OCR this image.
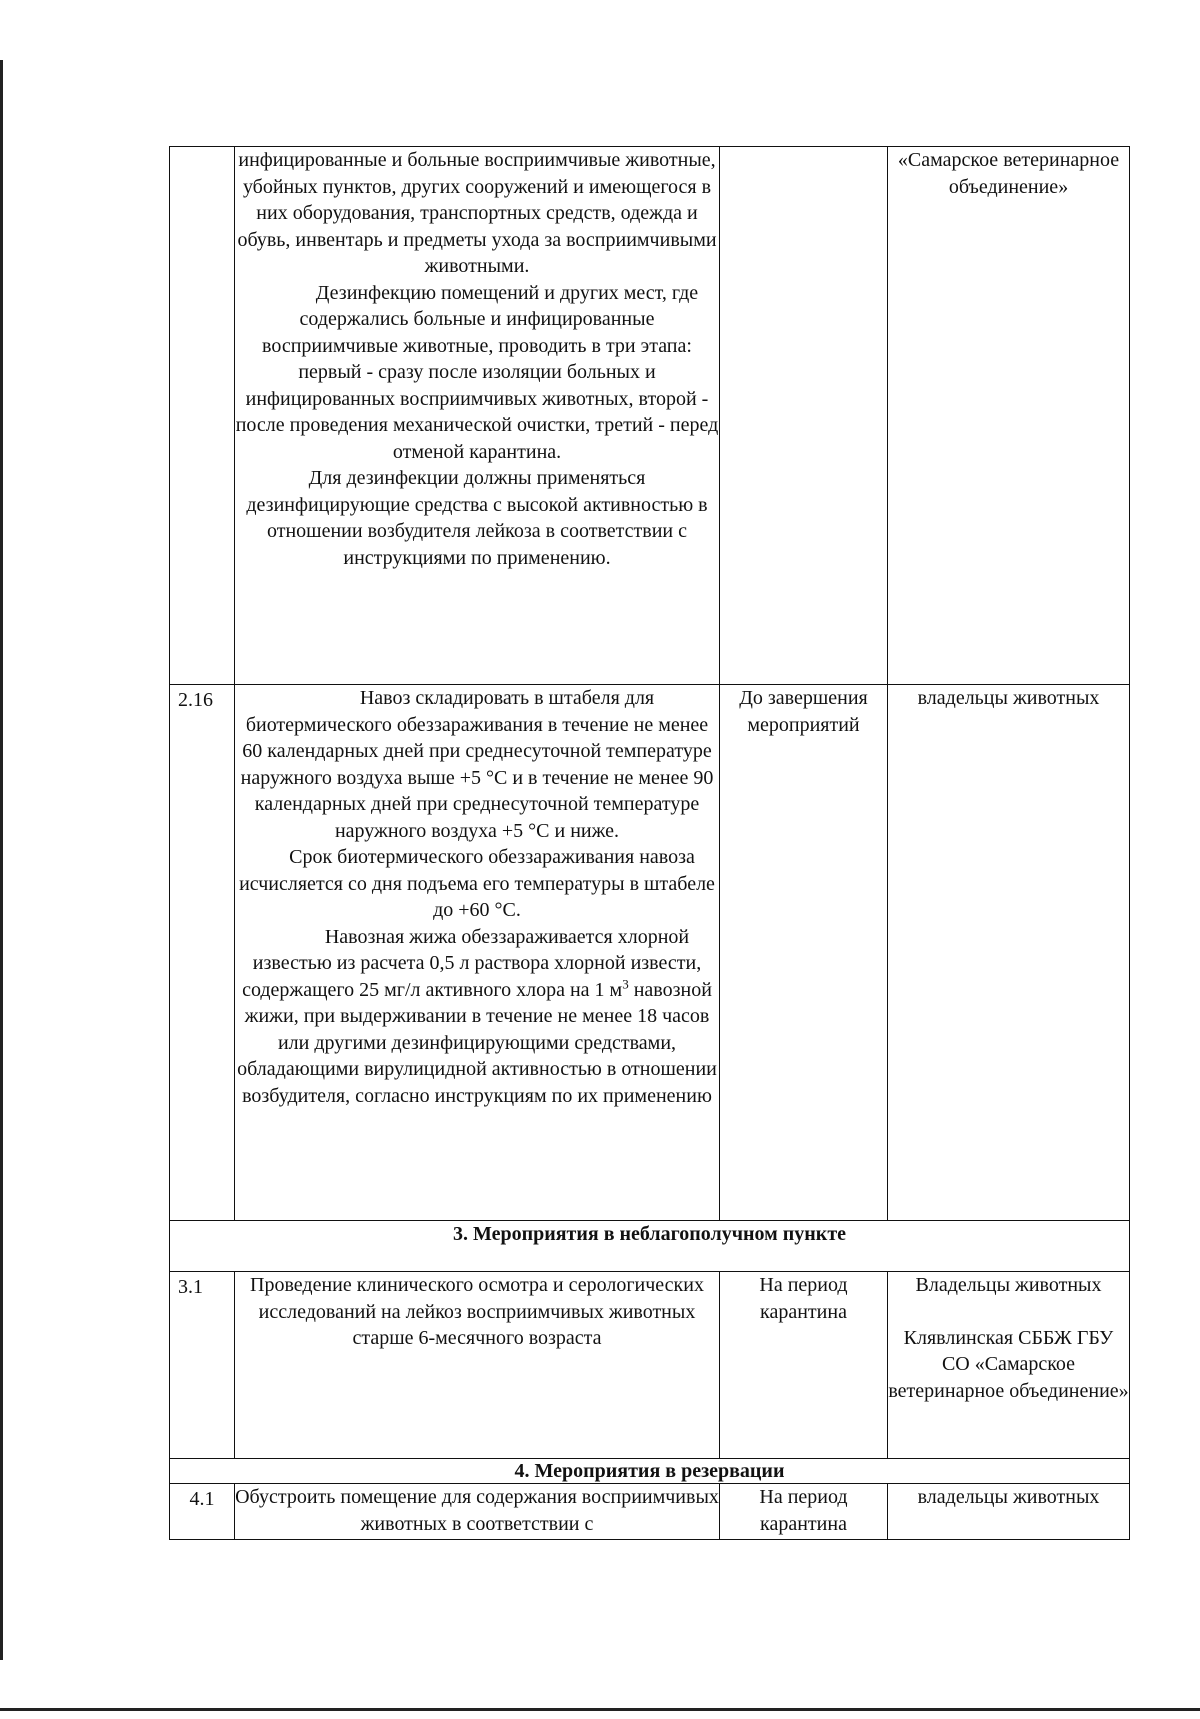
	инфицированные и больные восприимчивые животные, убойных пунктов, других сооружений и имеющегося в них оборудования, транспортных средств, одежда и обувь, инвентарь и предметы ухода за восприимчивыми животными.

Дезинфекцию помещений и других мест, где содержались больные и инфицированные восприимчивые животные, проводить в три этапа: первый - сразу после изоляции больных и инфицированных восприимчивых животных, второй - после проведения механической очистки, третий - перед отменой карантина.

Для дезинфекции должны применяться дезинфицирующие средства с высокой активностью в отношении возбудителя лейкоза в соответствии с инструкциями по применению.		«Самарское ветеринарное объединение»

2.16	Навоз складировать в штабеля для биотермического обеззараживания в течение не менее 60 календарных дней при среднесуточной температуре наружного воздуха выше +5 °С и в течение не менее 90 календарных дней при среднесуточной температуре наружного воздуха +5 °С и ниже.

Срок биотермического обеззараживания навоза исчисляется со дня подъема его температуры в штабеле до +60 °С.

Навозная жижа обеззараживается хлорной известью из расчета 0,5 л раствора хлорной извести, содержащего 25 мг/л активного хлора на 1 $м^3$ навозной жижи, при выдерживании в течение не менее 18 часов или другими дезинфицирующими средствами, обладающими вирулицидной активностью в отношении возбудителя, согласно инструкциям по их применению	До завершения мероприятий	владельцы животных
3. Мероприятия в неблагополучном пункте			

3.1	Проведение клинического осмотра и серологических исследований на лейкоз восприимчивых животных старше 6-месячного возраста	На период карантина	Владельцы животных
Клявлинская СББЖ ГБУ СО «Самарское ветеринарное объединение»

4. Мероприятия в резервации			

4.1	Обустроить помещение для содержания восприимчивых животных в соответствии с	На период карантина	владельцы животных
